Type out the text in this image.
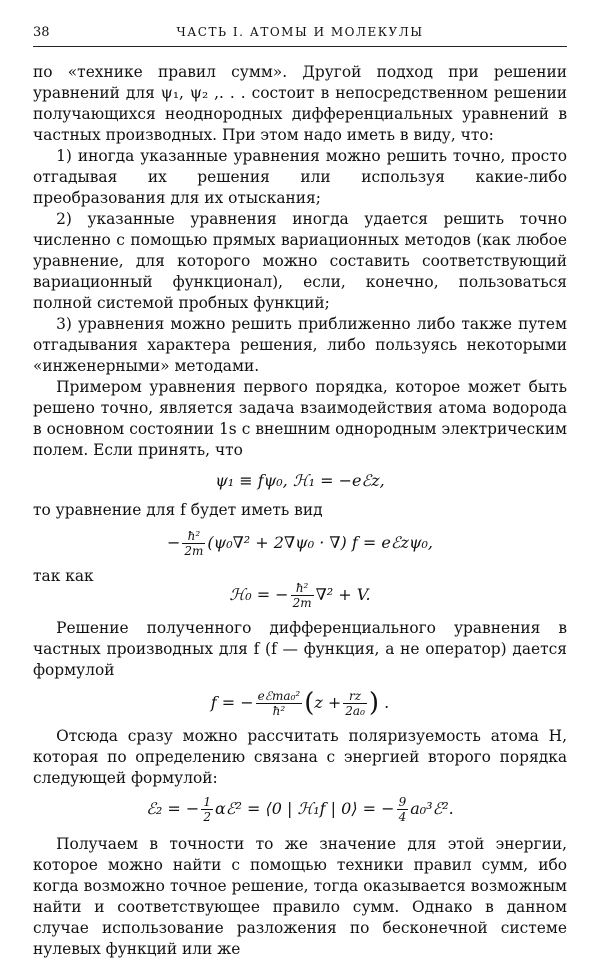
38	ЧАСТЬ I. АТОМЫ И МОЛЕКУЛЫ

по «технике правил сумм». Другой подход при решении уравнений для ψ₁, ψ₂ ,. . . состоит в непосредственном решении получающихся неоднородных дифференциальных уравнений в частных производных. При этом надо иметь в виду, что:

1) иногда указанные уравнения можно решить точно, просто отгадывая их решения или используя какие-либо преобразования для их отыскания;

2) указанные уравнения иногда удается решить точно численно с помощью прямых вариационных методов (как любое уравнение, для которого можно составить соответствующий вариационный функционал), если, конечно, пользоваться полной системой пробных функций;

3) уравнения можно решить приближенно либо также путем отгадывания характера решения, либо пользуясь некоторыми «инженерными» методами.

Примером уравнения первого порядка, которое может быть решено точно, является задача взаимодействия атома водорода в основном состоянии 1s с внешним однородным электрическим полем. Если принять, что

ψ₁ ≡ fψ₀, ℋ₁ = −eℰz,

то уравнение для f будет иметь вид

− $\frac{\text{ħ²}}{2m} (\psi_0\nabla^2 + 2\nabla\psi_0$ · ∇) f = eℰzψ₀,

так как

ℋ₀ = − $\frac{\text{ħ²}}{2m} \nabla^2 + V$.

Решение полученного дифференциального уравнения в частных производных для f (f — функция, а не оператор) дается формулой

f = − $\frac{\text{eℰma₀²}}{\text{ħ²}} (z + \frac{rz}{\text{2a₀}}$ ) .

Отсюда сразу можно рассчитать поляризуемость атома H, которая по определению связана с энергией второго порядка следующей формулой:

ℰ₂ = − $\frac{1}{2}$ αℰ² = ⟨0 | ℋ₁f | 0⟩ = − $\frac{9}{4}$ a₀³ℰ².

Получаем в точности то же значение для этой энергии, которое можно найти с помощью техники правил сумм, ибо когда возможно точное решение, тогда оказывается возможным найти и соответствующее правило сумм. Однако в данном случае использование разложения по бесконечной системе нулевых функций или же
